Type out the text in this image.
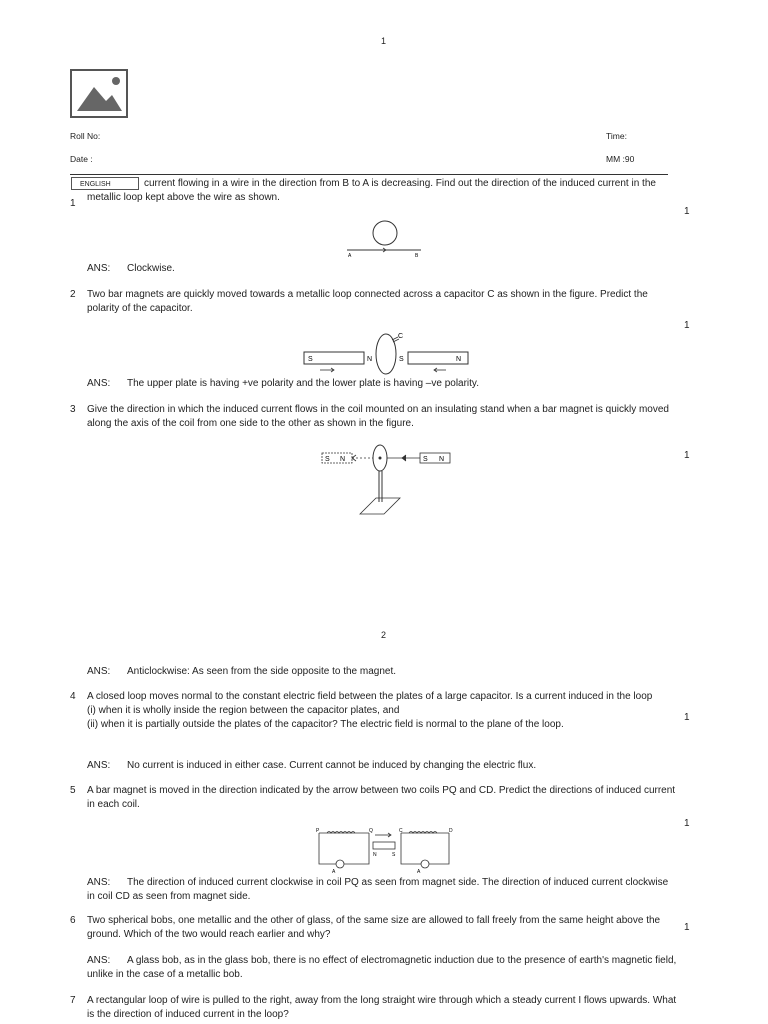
1
2
Roll No:
Date :
Time:
MM :90
ENGLISH
1
current flowing in a wire in the direction from B to A is decreasing. Find out the direction of the induced current in the metallic loop kept above the wire as shown.
1
A	B
ANS: Clockwise.
2 Two bar magnets are quickly moved towards a metallic loop connected across a capacitor C as shown in the figure. Predict the polarity of the capacitor.
1
S	N	S	N
C
ANS: The upper plate is having +ve polarity and the lower plate is having –ve polarity.
3 Give the direction in which the induced current flows in the coil mounted on an insulating stand when a bar magnet is quickly moved along the axis of the coil from one side to the other as shown in the figure.
1
S N	S N
ANS: Anticlockwise: As seen from the side opposite to the magnet.
4 A closed loop moves normal to the constant electric field between the plates of a large capacitor. Is a current induced in the loop
(i) when it is wholly inside the region between the capacitor plates, and
(ii) when it is partially outside the plates of the capacitor? The electric field is normal to the plane of the loop.
1
ANS: No current is induced in either case. Current cannot be induced by changing the electric flux.
5 A bar magnet is moved in the direction indicated by the arrow between two coils PQ and CD. Predict the directions of induced current in each coil.
1
P	Q	C	D
N	S
A	A
ANS: The direction of induced current clockwise in coil PQ as seen from magnet side. The direction of induced current clockwise in coil CD as seen from magnet side.
6 Two spherical bobs, one metallic and the other of glass, of the same size are allowed to fall freely from the same height above the ground. Which of the two would reach earlier and why?
1
ANS: A glass bob, as in the glass bob, there is no effect of electromagnetic induction due to the presence of earth's magnetic field, unlike in the case of a metallic bob.
7 A rectangular loop of wire is pulled to the right, away from the long straight wire through which a steady current I flows upwards. What is the direction of induced current in the loop?
